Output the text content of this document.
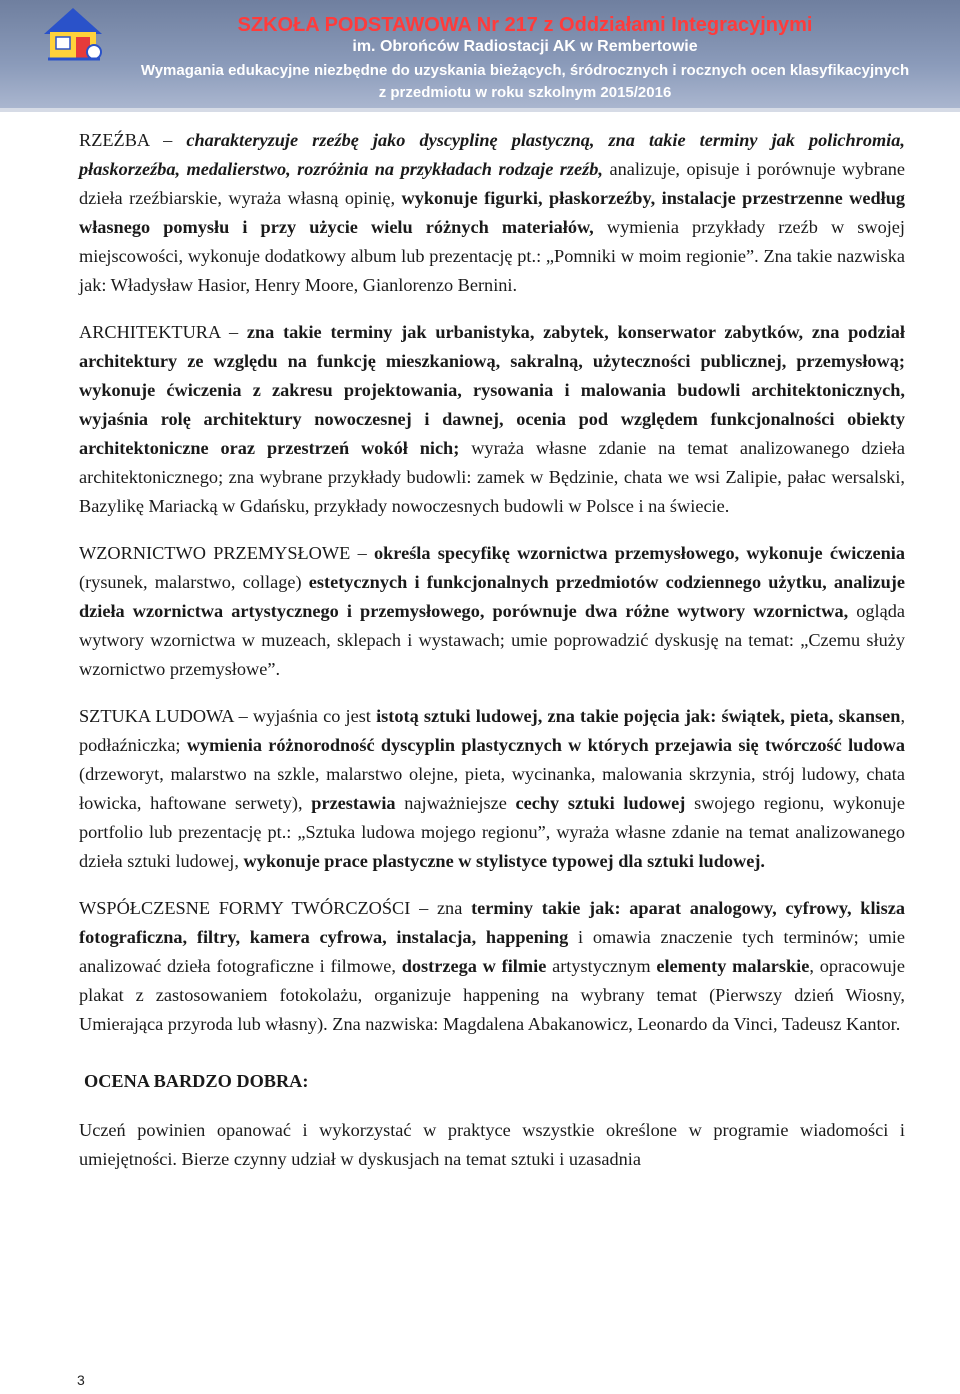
SZKOŁA PODSTAWOWA Nr 217 z Oddziałami Integracyjnymi
im. Obrońców Radiostacji AK w Rembertowie
Wymagania edukacyjne niezbędne do uzyskania bieżących, śródrocznych i rocznych ocen klasyfikacyjnych
z przedmiotu w roku szkolnym 2015/2016

RZEŹBA – charakteryzuje rzeźbę jako dyscyplinę plastyczną, zna takie terminy jak polichromia, płaskorzeźba, medalierstwo, rozróżnia na przykładach rodzaje rzeźb, analizuje, opisuje i porównuje wybrane dzieła rzeźbiarskie, wyraża własną opinię, wykonuje figurki, płaskorzeźby, instalacje przestrzenne według własnego pomysłu i przy użycie wielu różnych materiałów, wymienia przykłady rzeźb w swojej miejscowości, wykonuje dodatkowy album lub prezentację pt.: „Pomniki w moim regionie”. Zna takie nazwiska jak: Władysław Hasior, Henry Moore, Gianlorenzo Bernini.

ARCHITEKTURA – zna takie terminy jak urbanistyka, zabytek, konserwator zabytków, zna podział architektury ze względu na funkcję mieszkaniową, sakralną, użyteczności publicznej, przemysłową; wykonuje ćwiczenia z zakresu projektowania, rysowania i malowania budowli architektonicznych, wyjaśnia rolę architektury nowoczesnej i dawnej, ocenia pod względem funkcjonalności obiekty architektoniczne oraz przestrzeń wokół nich; wyraża własne zdanie na temat analizowanego dzieła architektonicznego; zna wybrane przykłady budowli: zamek w Będzinie, chata we wsi Zalipie, pałac wersalski, Bazylikę Mariacką w Gdańsku, przykłady nowoczesnych budowli w Polsce i na świecie.

WZORNICTWO PRZEMYSŁOWE – określa specyfikę wzornictwa przemysłowego, wykonuje ćwiczenia (rysunek, malarstwo, collage) estetycznych i funkcjonalnych przedmiotów codziennego użytku, analizuje dzieła wzornictwa artystycznego i przemysłowego, porównuje dwa różne wytwory wzornictwa, ogląda wytwory wzornictwa w muzeach, sklepach i wystawach; umie poprowadzić dyskusję na temat: „Czemu służy wzornictwo przemysłowe”.

SZTUKA LUDOWA – wyjaśnia co jest istotą sztuki ludowej, zna takie pojęcia jak: świątek, pieta, skansen, podłaźniczka; wymienia różnorodność dyscyplin plastycznych w których przejawia się twórczość ludowa (drzeworyt, malarstwo na szkle, malarstwo olejne, pieta, wycinanka, malowania skrzynia, strój ludowy, chata łowicka, haftowane serwety), przestawia najważniejsze cechy sztuki ludowej swojego regionu, wykonuje portfolio lub prezentację pt.: „Sztuka ludowa mojego regionu”, wyraża własne zdanie na temat analizowanego dzieła sztuki ludowej, wykonuje prace plastyczne w stylistyce typowej dla sztuki ludowej.

WSPÓŁCZESNE FORMY TWÓRCZOŚCI – zna terminy takie jak: aparat analogowy, cyfrowy, klisza fotograficzna, filtry, kamera cyfrowa, instalacja, happening i omawia znaczenie tych terminów; umie analizować dzieła fotograficzne i filmowe, dostrzega w filmie artystycznym elementy malarskie, opracowuje plakat z zastosowaniem fotokolażu, organizuje happening na wybrany temat (Pierwszy dzień Wiosny, Umierająca przyroda lub własny). Zna nazwiska: Magdalena Abakanowicz, Leonardo da Vinci, Tadeusz Kantor.

OCENA BARDZO DOBRA:

Uczeń powinien opanować i wykorzystać w praktyce wszystkie określone w programie wiadomości i umiejętności. Bierze czynny udział w dyskusjach na temat sztuki i uzasadnia

3
